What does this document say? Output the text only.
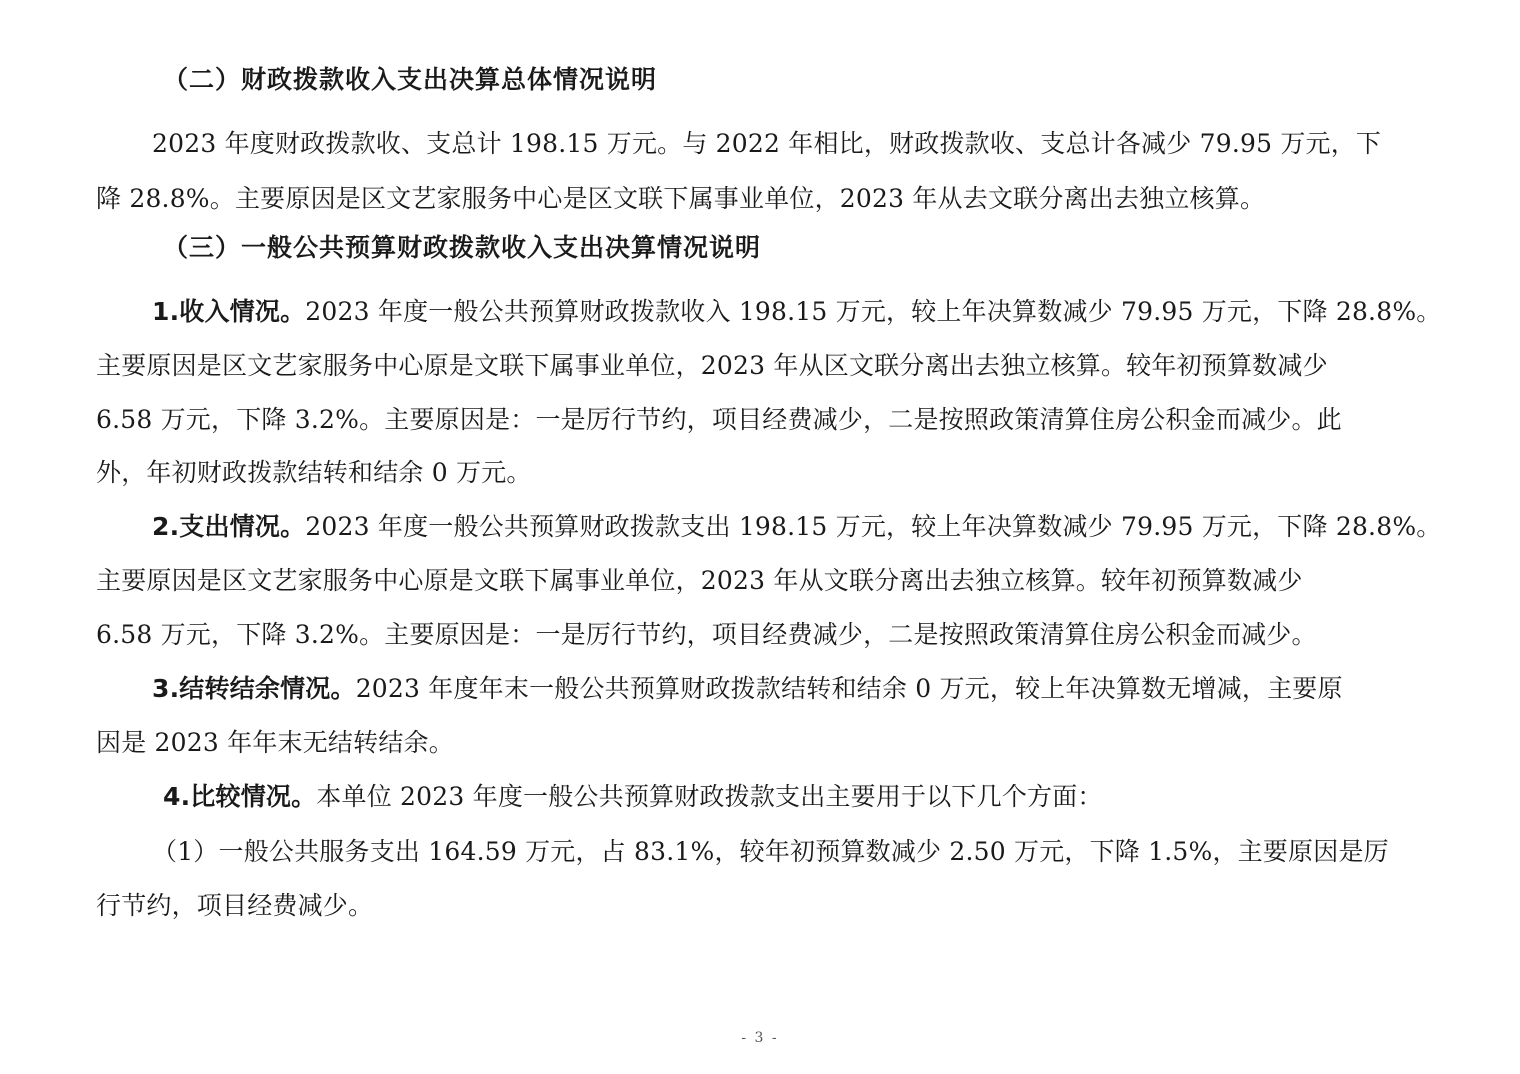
（二）财政拨款收入支出决算总体情况说明
2023 年度财政拨款收、支总计 198.15 万元。与 2022 年相比，财政拨款收、支总计各减少 79.95 万元，下
降 28.8%。主要原因是区文艺家服务中心是区文联下属事业单位，2023 年从去文联分离出去独立核算。
（三）一般公共预算财政拨款收入支出决算情况说明
1.收入情况。2023 年度一般公共预算财政拨款收入 198.15 万元，较上年决算数减少 79.95 万元，下降 28.8%。
主要原因是区文艺家服务中心原是文联下属事业单位，2023 年从区文联分离出去独立核算。较年初预算数减少
6.58 万元，下降 3.2%。主要原因是：一是厉行节约，项目经费减少，二是按照政策清算住房公积金而减少。此
外，年初财政拨款结转和结余 0 万元。
2.支出情况。2023 年度一般公共预算财政拨款支出 198.15 万元，较上年决算数减少 79.95 万元，下降 28.8%。
主要原因是区文艺家服务中心原是文联下属事业单位，2023 年从文联分离出去独立核算。较年初预算数减少
6.58 万元，下降 3.2%。主要原因是：一是厉行节约，项目经费减少，二是按照政策清算住房公积金而减少。
3.结转结余情况。2023 年度年末一般公共预算财政拨款结转和结余 0 万元，较上年决算数无增减，主要原
因是 2023 年年末无结转结余。
4.比较情况。本单位 2023 年度一般公共预算财政拨款支出主要用于以下几个方面：
（1）一般公共服务支出 164.59 万元，占 83.1%，较年初预算数减少 2.50 万元，下降 1.5%，主要原因是厉
行节约，项目经费减少。
- 3 -
